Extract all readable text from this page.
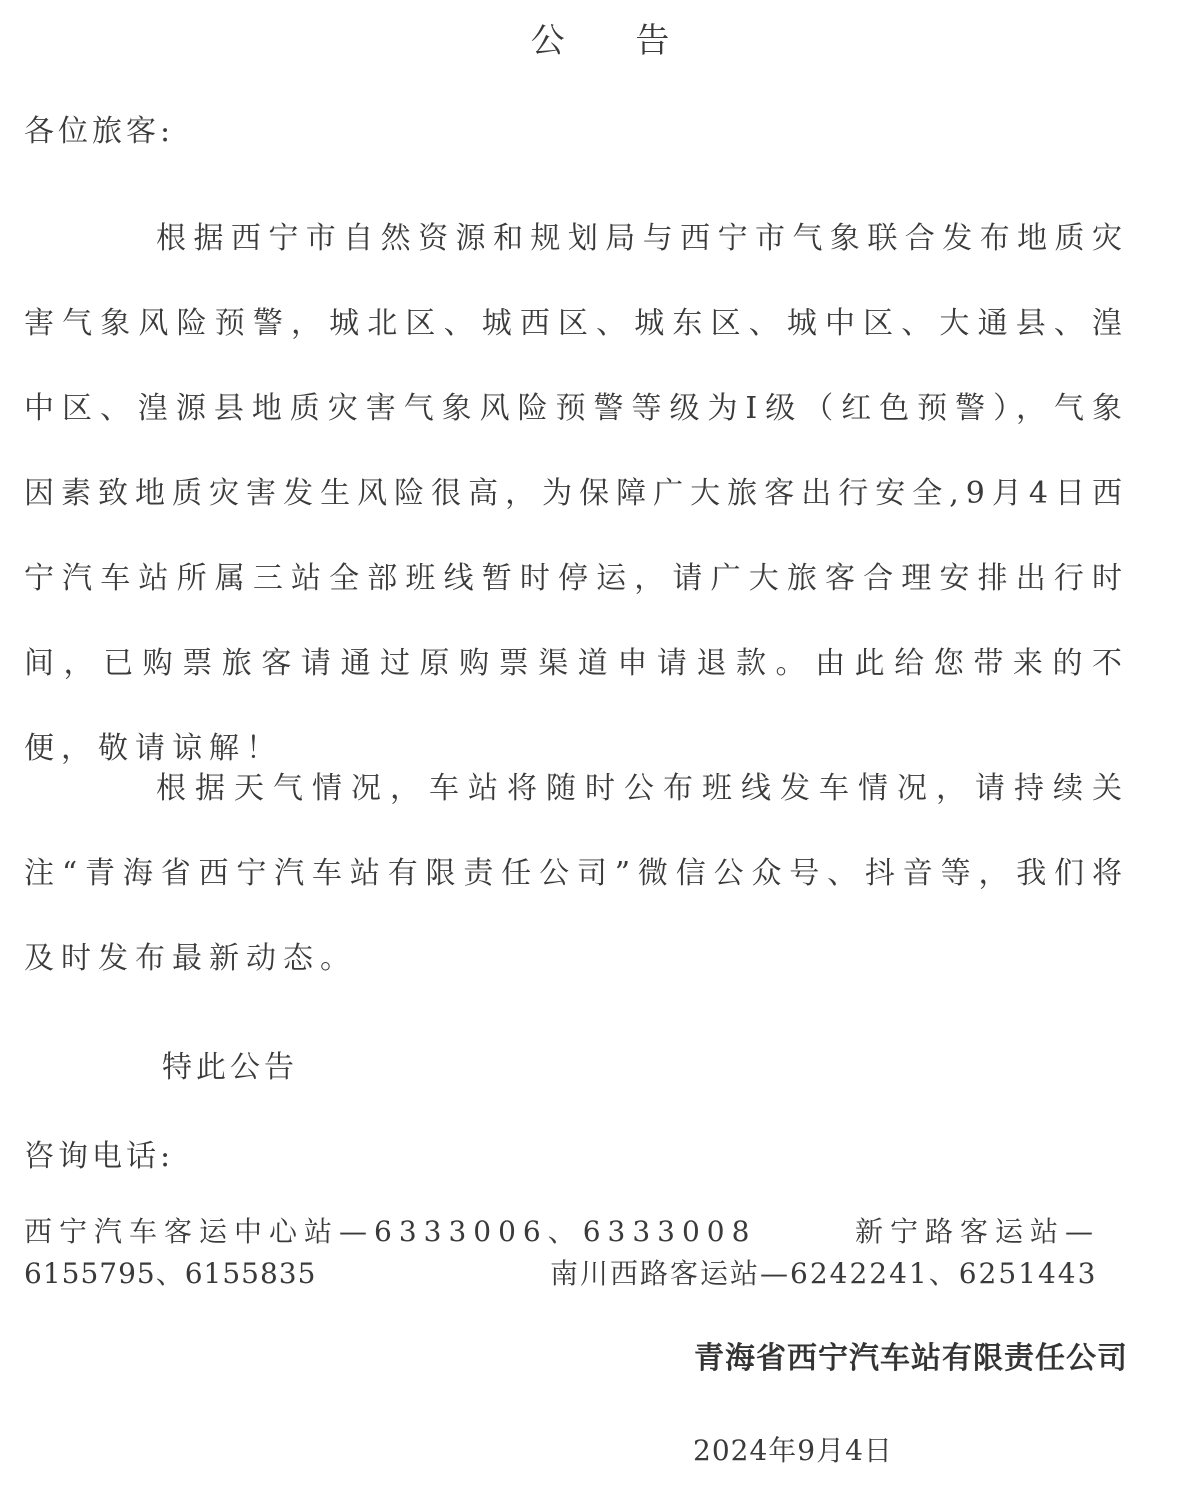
公 告
各位旅客:

根据西宁市自然资源和规划局与西宁市气象联合发布地质灾害气象风险预警，城北区、城西区、城东区、城中区、大通县、湟中区、湟源县地质灾害气象风险预警等级为Ⅰ级（红色预警），气象因素致地质灾害发生风险很高，为保障广大旅客出行安全,9月4日西宁汽车站所属三站全部班线暂时停运，请广大旅客合理安排出行时间，已购票旅客请通过原购票渠道申请退款。由此给您带来的不便，敬请谅解！

根据天气情况，车站将随时公布班线发车情况，请持续关注“青海省西宁汽车站有限责任公司”微信公众号、抖音等，我们将及时发布最新动态。

特此公告
咨询电话:
西宁汽车客运中心站—6333006、6333008	新宁路客运站—
6155795、6155835	南川西路客运站—6242241、6251443
青海省西宁汽车站有限责任公司
2024年9月4日
